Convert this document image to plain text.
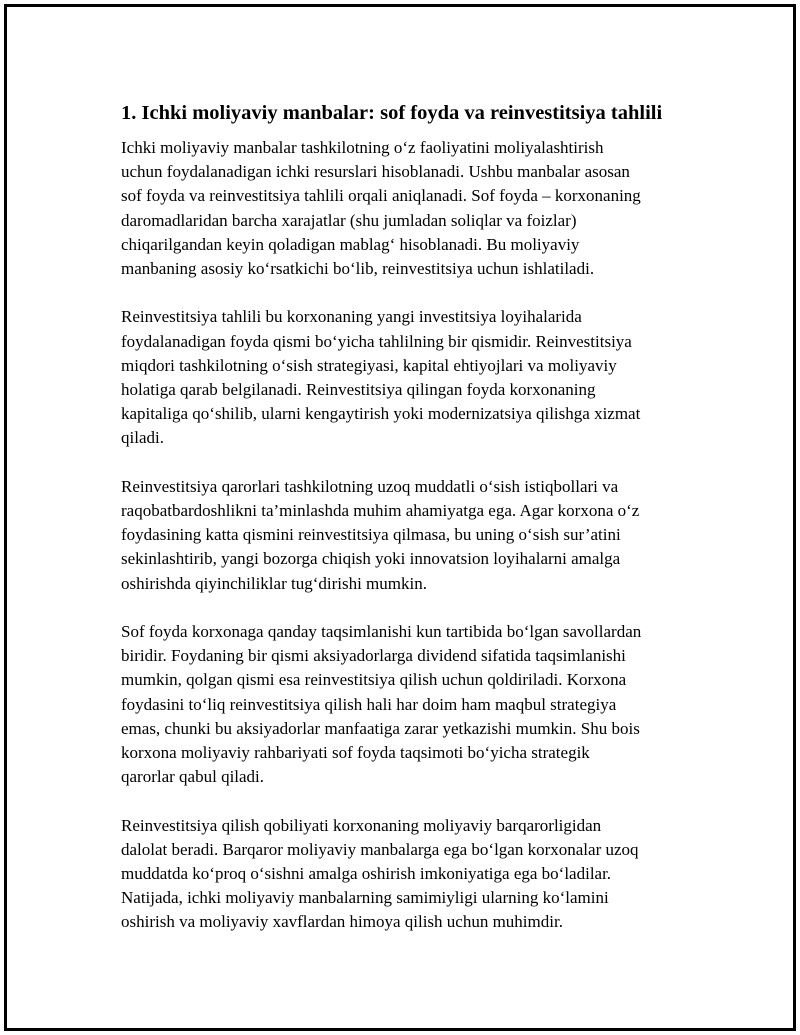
1. Ichki moliyaviy manbalar: sof foyda va reinvestitsiya tahlili

Ichki moliyaviy manbalar tashkilotning o‘z faoliyatini moliyalashtirish
uchun foydalanadigan ichki resurslari hisoblanadi. Ushbu manbalar asosan
sof foyda va reinvestitsiya tahlili orqali aniqlanadi. Sof foyda – korxonaning
daromadlaridan barcha xarajatlar (shu jumladan soliqlar va foizlar)
chiqarilgandan keyin qoladigan mablag‘ hisoblanadi. Bu moliyaviy
manbaning asosiy ko‘rsatkichi bo‘lib, reinvestitsiya uchun ishlatiladi.

Reinvestitsiya tahlili bu korxonaning yangi investitsiya loyihalarida
foydalanadigan foyda qismi bo‘yicha tahlilning bir qismidir. Reinvestitsiya
miqdori tashkilotning o‘sish strategiyasi, kapital ehtiyojlari va moliyaviy
holatiga qarab belgilanadi. Reinvestitsiya qilingan foyda korxonaning
kapitaliga qo‘shilib, ularni kengaytirish yoki modernizatsiya qilishga xizmat
qiladi.

Reinvestitsiya qarorlari tashkilotning uzoq muddatli o‘sish istiqbollari va
raqobatbardoshlikni ta’minlashda muhim ahamiyatga ega. Agar korxona o‘z
foydasining katta qismini reinvestitsiya qilmasa, bu uning o‘sish sur’atini
sekinlashtirib, yangi bozorga chiqish yoki innovatsion loyihalarni amalga
oshirishda qiyinchiliklar tug‘dirishi mumkin.

Sof foyda korxonaga qanday taqsimlanishi kun tartibida bo‘lgan savollardan
biridir. Foydaning bir qismi aksiyadorlarga dividend sifatida taqsimlanishi
mumkin, qolgan qismi esa reinvestitsiya qilish uchun qoldiriladi. Korxona
foydasini to‘liq reinvestitsiya qilish hali har doim ham maqbul strategiya
emas, chunki bu aksiyadorlar manfaatiga zarar yetkazishi mumkin. Shu bois
korxona moliyaviy rahbariyati sof foyda taqsimoti bo‘yicha strategik
qarorlar qabul qiladi.

Reinvestitsiya qilish qobiliyati korxonaning moliyaviy barqarorligidan
dalolat beradi. Barqaror moliyaviy manbalarga ega bo‘lgan korxonalar uzoq
muddatda ko‘proq o‘sishni amalga oshirish imkoniyatiga ega bo‘ladilar.
Natijada, ichki moliyaviy manbalarning samimiyligi ularning ko‘lamini
oshirish va moliyaviy xavflardan himoya qilish uchun muhimdir.
